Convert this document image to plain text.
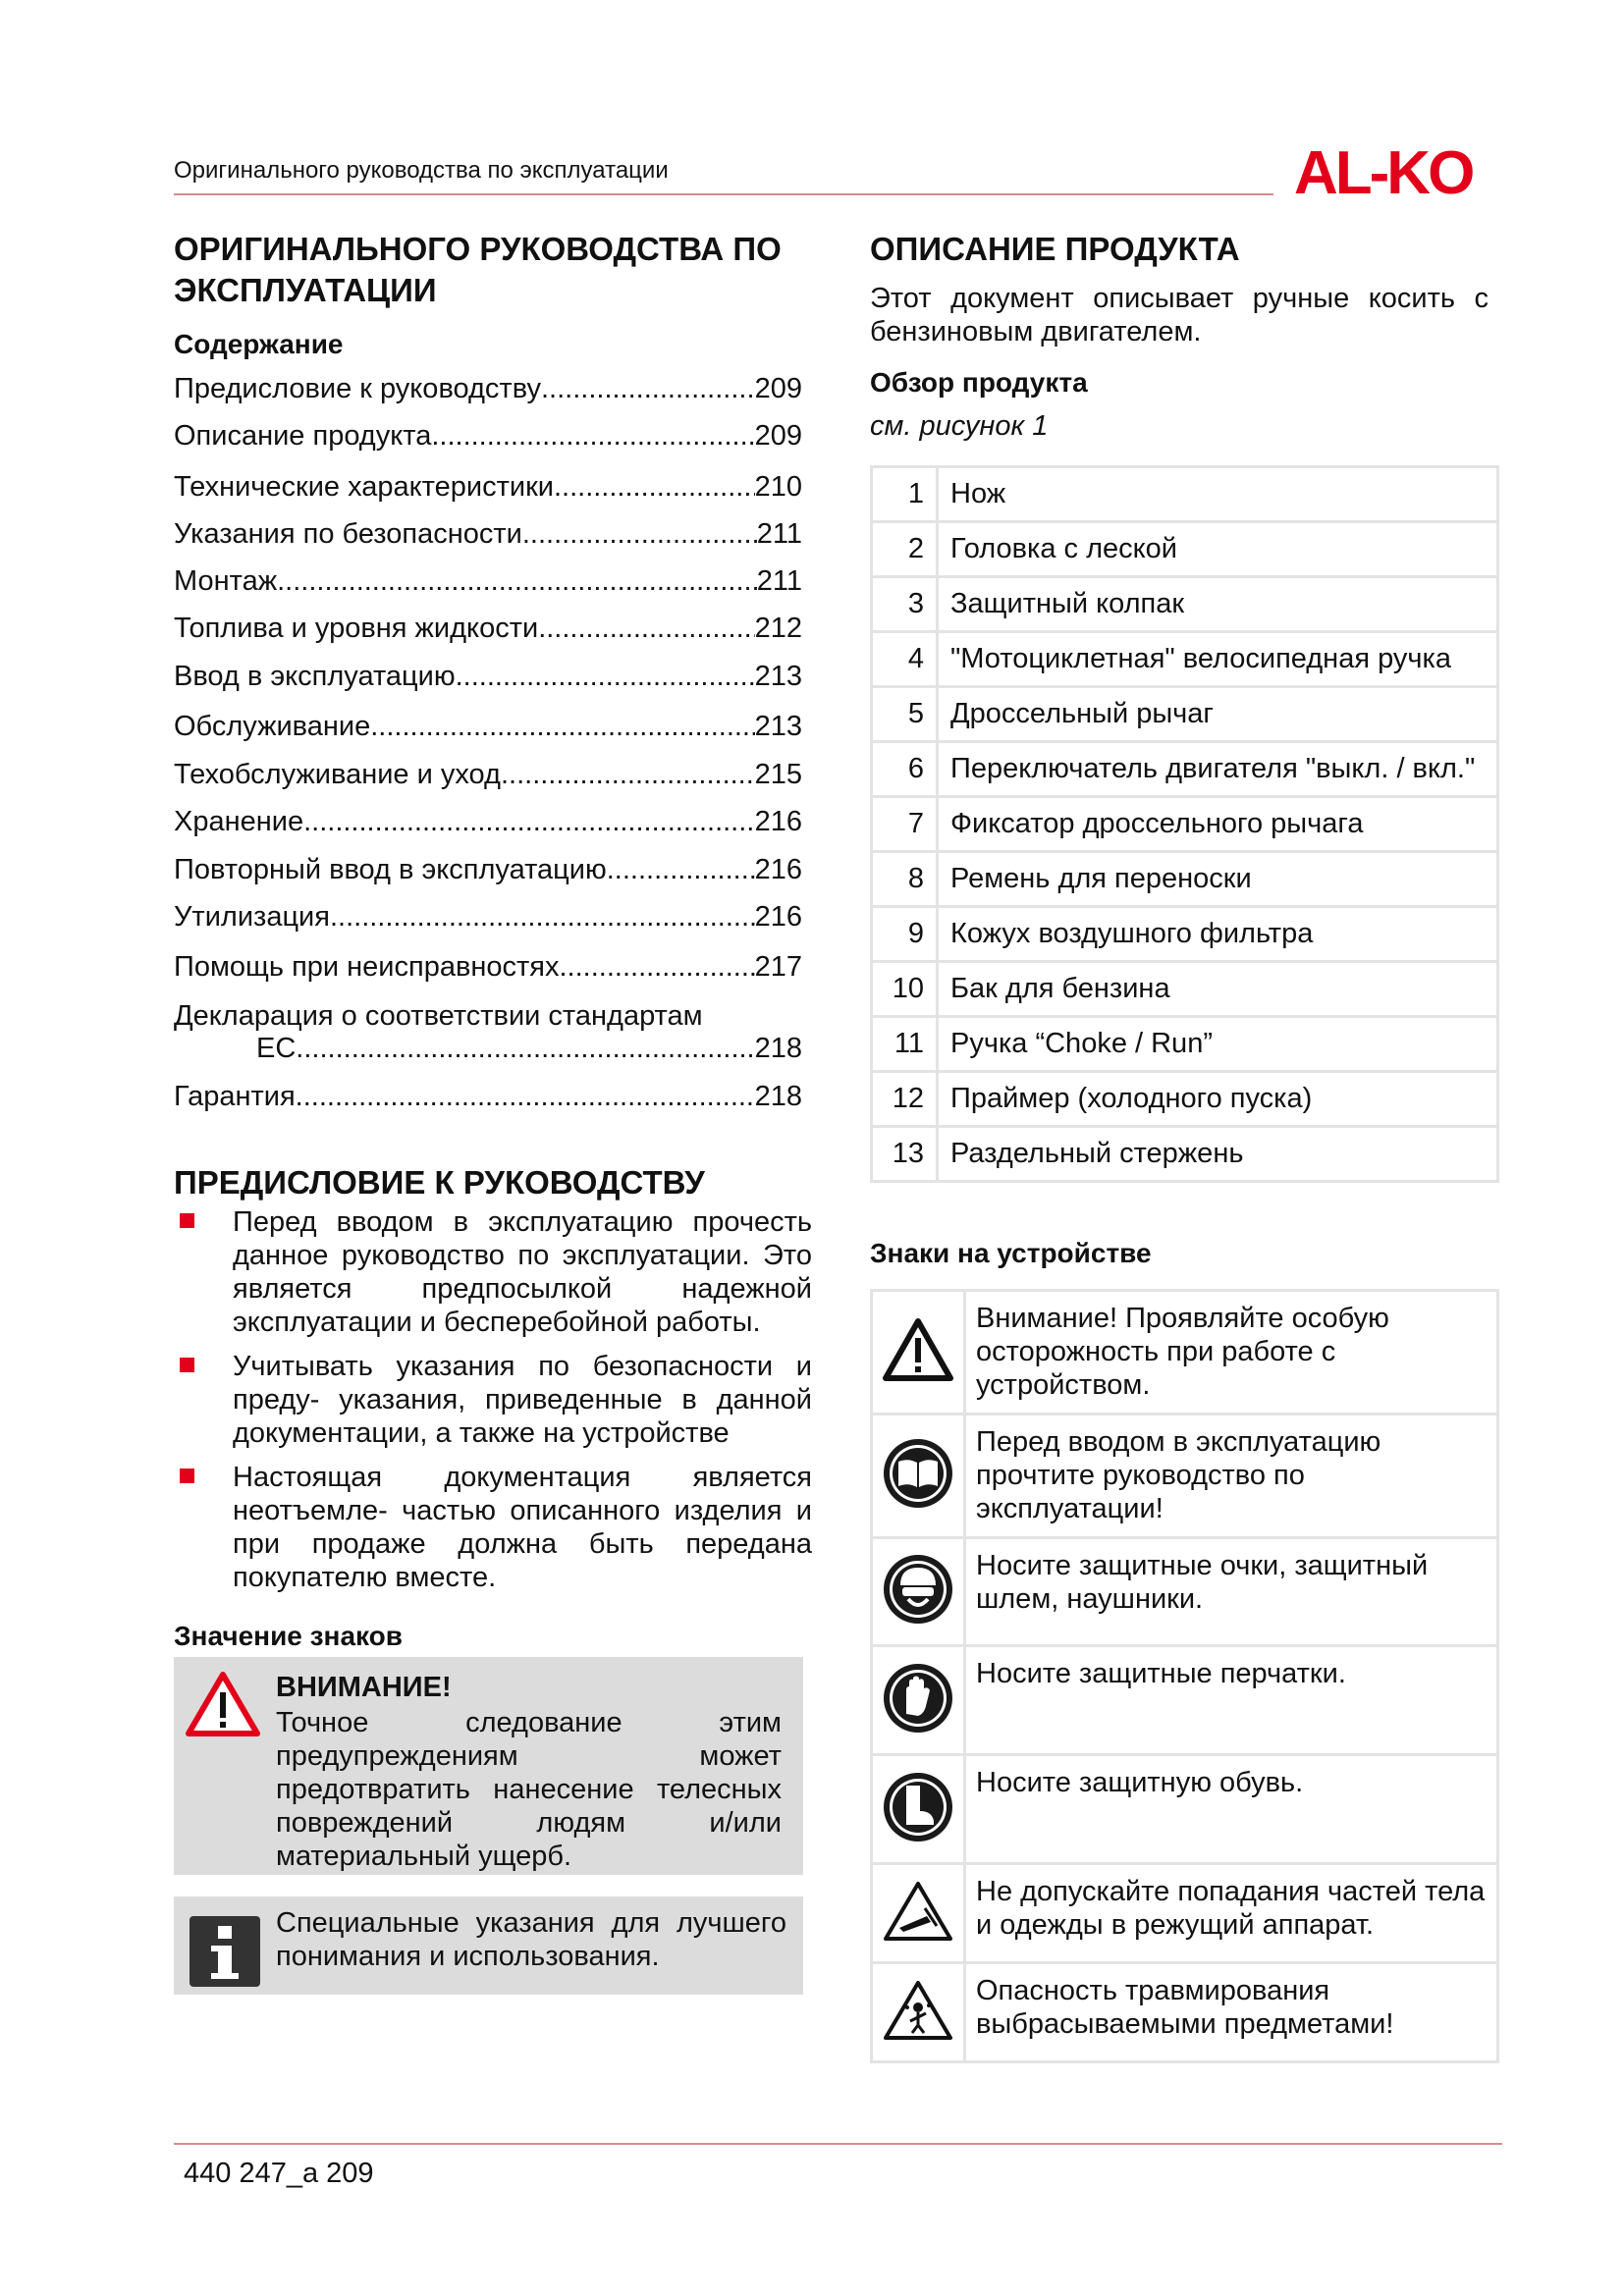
Оригинального руководства по эксплуатации	AL-KO
ОРИГИНАЛЬНОГО РУКОВОДСТВА ПО ЭКСПЛУАТАЦИИ
Содержание
Предисловие к руководству .....	209
Описание продукта .....	209
Технические характеристики .....	210
Указания по безопасности .....	211
Монтаж .....	211
Топлива и уровня жидкости .....	212
Ввод в эксплуатацию .....	213
Обслуживание .....	213
Техобслуживание и уход .....	215
Хранение .....	216
Повторный ввод в эксплуатацию .....	216
Утилизация .....	216
Помощь при неисправностях .....	217
Декларация о соответствии стандартам
ЕС .....	218
Гарантия .....	218
ПРЕДИСЛОВИЕ К РУКОВОДСТВУ
Перед вводом в эксплуатацию прочесть данное руководство по эксплуатации. Это является предпосылкой надежной эксплуатации и бесперебойной работы.
Учитывать указания по безопасности и преду- указания, приведенные в данной документации, а также на устройстве
Настоящая документация является неотъемле- частью описанного изделия и при продаже должна быть передана покупателю вместе.
Значение знаков
ВНИМАНИЕ!
Точное следование этим предупреждениям может предотвратить нанесение телесных повреждений людям и/или материальный ущерб.
Специальные указания для лучшего понимания и использования.
ОПИСАНИЕ ПРОДУКТА
Этот документ описывает ручные косить с бензиновым двигателем.
Обзор продукта
см. рисунок 1
1	Нож
2	Головка с леской
3	Защитный колпак
4	"Мотоциклетная" велосипедная ручка
5	Дроссельный рычаг
6	Переключатель двигателя "выкл. / вкл."
7	Фиксатор дроссельного рычага
8	Ремень для переноски
9	Кожух воздушного фильтра
10	Бак для бензина
11	Ручка “Choke / Run”
12	Праймер (холодного пуска)
13	Раздельный стержень
Знаки на устройстве
	Внимание! Проявляйте особую осторожность при работе с устройством.
	Перед вводом в эксплуатацию прочтите руководство по эксплуатации!
	Носите защитные очки, защитный шлем, наушники.
	Носите защитные перчатки.
	Носите защитную обувь.
	Не допускайте попадания частей тела и одежды в режущий аппарат.
	Опасность травмирования выбрасываемыми предметами!
440 247_a 209
